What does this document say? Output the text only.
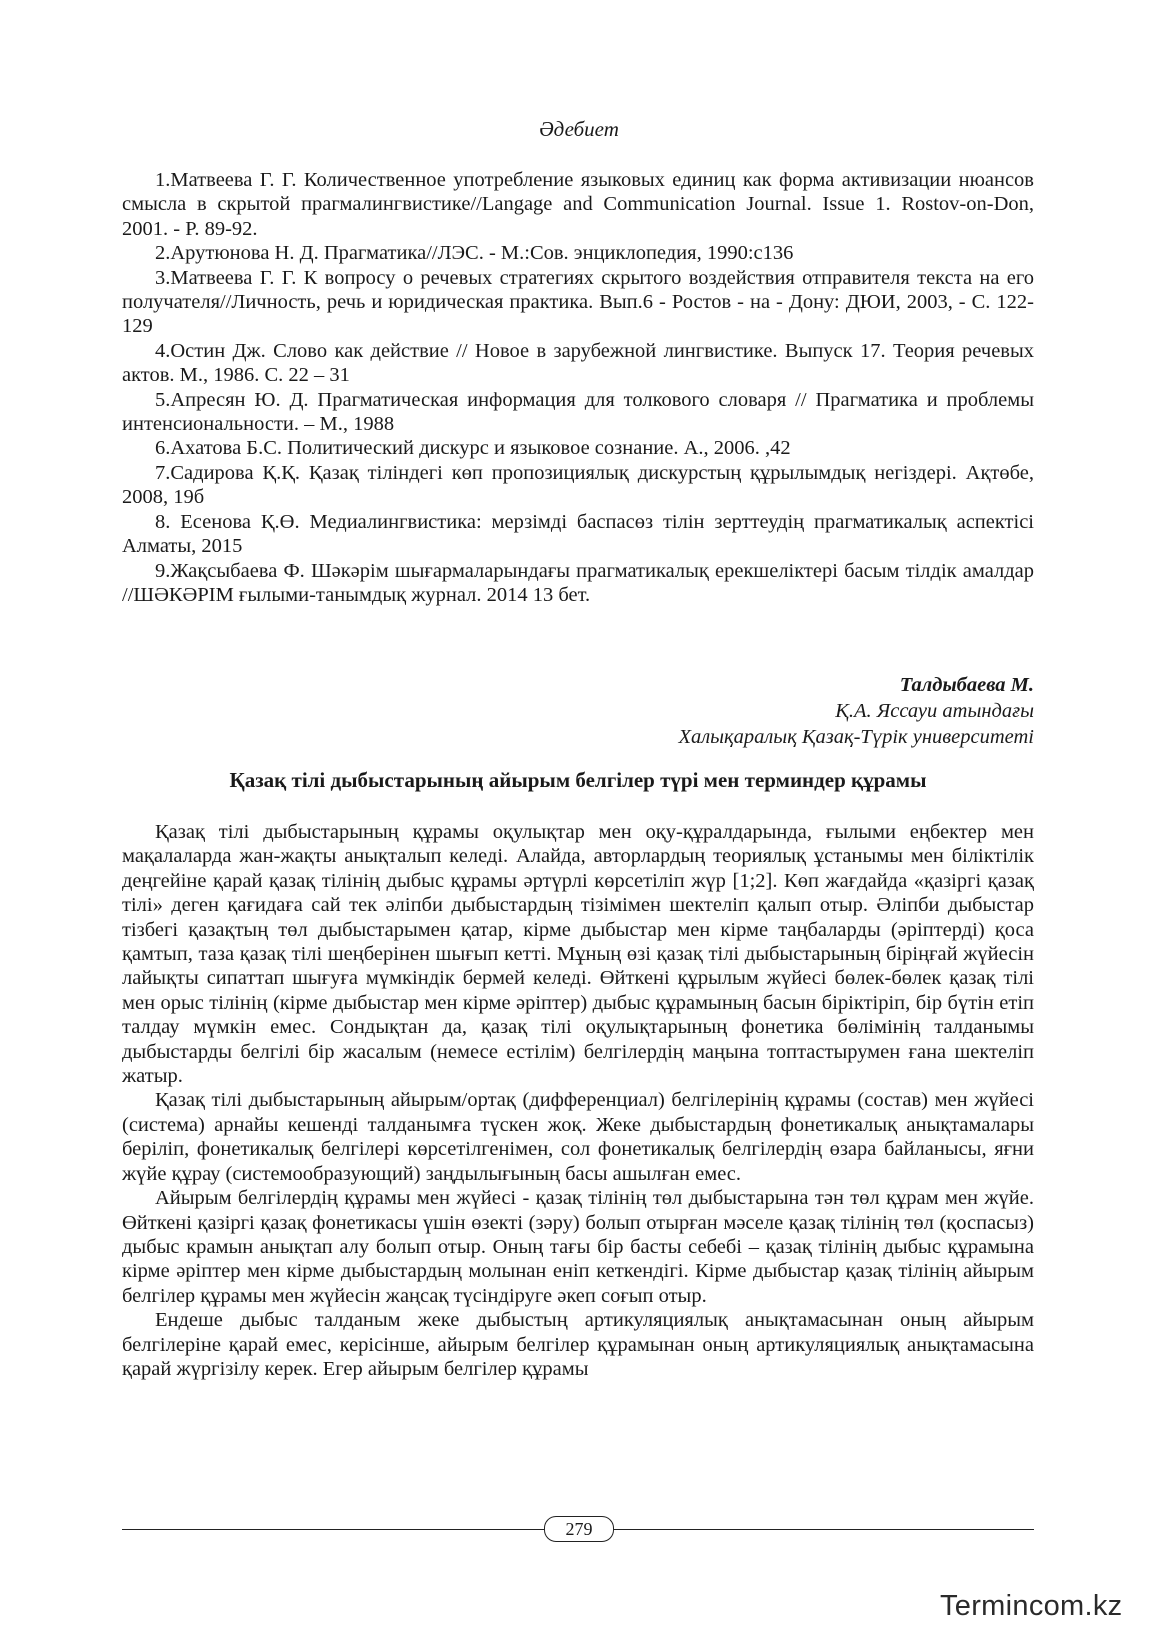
Әдебиет

1.Матвеева Г. Г. Количественное употребление языковых единиц как форма активизации нюансов смысла в скрытой прагмалингвистике//Langage and Communication Journal. Issue 1. Rostov-on-Don, 2001. - P. 89-92.

2.Арутюнова Н. Д. Прагматика//ЛЭС. - М.:Сов. энциклопедия, 1990:с136

3.Матвеева Г. Г. К вопросу о речевых стратегиях скрытого воздействия отправителя текста на его получателя//Личность, речь и юридическая практика. Вып.6 - Ростов - на - Дону: ДЮИ, 2003, - С. 122-129

4.Остин Дж. Слово как действие // Новое в зарубежной лингвистике. Выпуск 17. Теория речевых актов. М., 1986. С. 22 – 31

5.Апресян Ю. Д. Прагматическая информация для толкового словаря // Прагматика и проблемы интенсиональности. – М., 1988

6.Ахатова Б.С. Политический дискурс и языковое сознание. А., 2006. ,42

7.Садирова Қ.Қ. Қазақ тіліндегі көп пропозициялық дискурстың құрылымдық негіздері. Ақтөбе, 2008, 19б

8. Есенова Қ.Ө. Медиалингвистика: мерзімді баспасөз тілін зерттеудің прагматикалық аспектісі Алматы, 2015

9.Жақсыбаева Ф. Шәкәрім шығармаларындағы прагматикалық ерекшеліктері басым тілдік амалдар //ШӘКӘРІМ ғылыми-танымдық журнал. 2014 13 бет.

Талдыбаева М.
Қ.А. Яссауи атындағы
Халықаралық Қазақ-Түрік университеті
Қазақ тілі дыбыстарының айырым белгілер түрі мен терминдер құрамы

Қазақ тілі дыбыстарының құрамы оқулықтар мен оқу-құралдарында, ғылыми еңбектер мен мақалаларда жан-жақты анықталып келеді. Алайда, авторлардың теориялық ұстанымы мен біліктілік деңгейіне қарай қазақ тілінің дыбыс құрамы әртүрлі көрсетіліп жүр [1;2]. Көп жағдайда «қазіргі қазақ тілі» деген қағидаға сай тек әліпби дыбыстардың тізімімен шектеліп қалып отыр. Әліпби дыбыстар тізбегі қазақтың төл дыбыстарымен қатар, кірме дыбыстар мен кірме таңбаларды (әріптерді) қоса қамтып, таза қазақ тілі шеңберінен шығып кетті. Мұның өзі қазақ тілі дыбыстарының біріңғай жүйесін лайықты сипаттап шығуға мүмкіндік бермей келеді. Өйткені құрылым жүйесі бөлек-бөлек қазақ тілі мен орыс тілінің (кірме дыбыстар мен кірме әріптер) дыбыс құрамының басын біріктіріп, бір бүтін етіп талдау мүмкін емес. Сондықтан да, қазақ тілі оқулықтарының фонетика бөлімінің талданымы дыбыстарды белгілі бір жасалым (немесе естілім) белгілердің маңына топтастырумен ғана шектеліп жатыр.

Қазақ тілі дыбыстарының айырым/ортақ (дифференциал) белгілерінің құрамы (состав) мен жүйесі (система) арнайы кешенді талданымға түскен жоқ. Жеке дыбыстардың фонетикалық анықтамалары беріліп, фонетикалық белгілері көрсетілгенімен, сол фонетикалық белгілердің өзара байланысы, яғни жүйе құрау (системообразующий) заңдылығының басы ашылған емес.

Айырым белгілердің құрамы мен жүйесі - қазақ тілінің төл дыбыстарына тән төл құрам мен жүйе. Өйткені қазіргі қазақ фонетикасы үшін өзекті (зәру) болып отырған мәселе қазақ тілінің төл (қоспасыз) дыбыс крамын анықтап алу болып отыр. Оның тағы бір басты себебі – қазақ тілінің дыбыс құрамына кірме әріптер мен кірме дыбыстардың молынан еніп кеткендігі. Кірме дыбыстар қазақ тілінің айырым белгілер құрамы мен жүйесін жаңсақ түсіндіруге әкеп соғып отыр.

Ендеше дыбыс талданым жеке дыбыстың артикуляциялық анықтамасынан оның айырым белгілеріне қарай емес, керісінше, айырым белгілер құрамынан оның артикуляциялық анықтамасына қарай жүргізілу керек. Егер айырым белгілер құрамы

279
Termincom.kz
